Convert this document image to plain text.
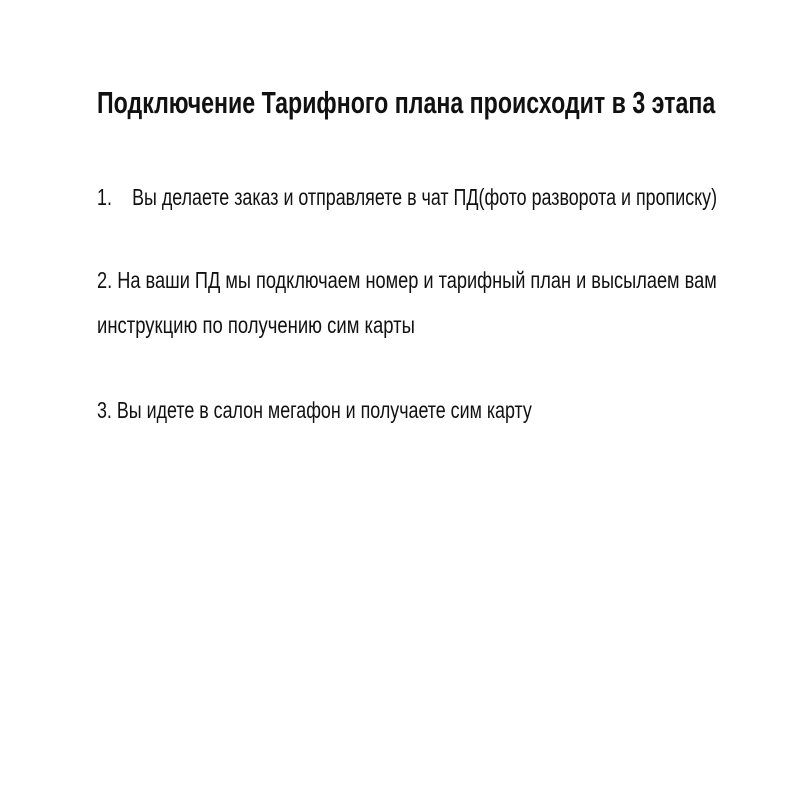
Подключение Тарифного плана происходит в 3 этапа
1. Вы делаете заказ и отправляете в чат ПД(фото разворота и прописку)
2. На ваши ПД мы подключаем номер и тарифный план и высылаем вам
инструкцию по получению сим карты
3. Вы идете в салон мегафон и получаете сим карту
